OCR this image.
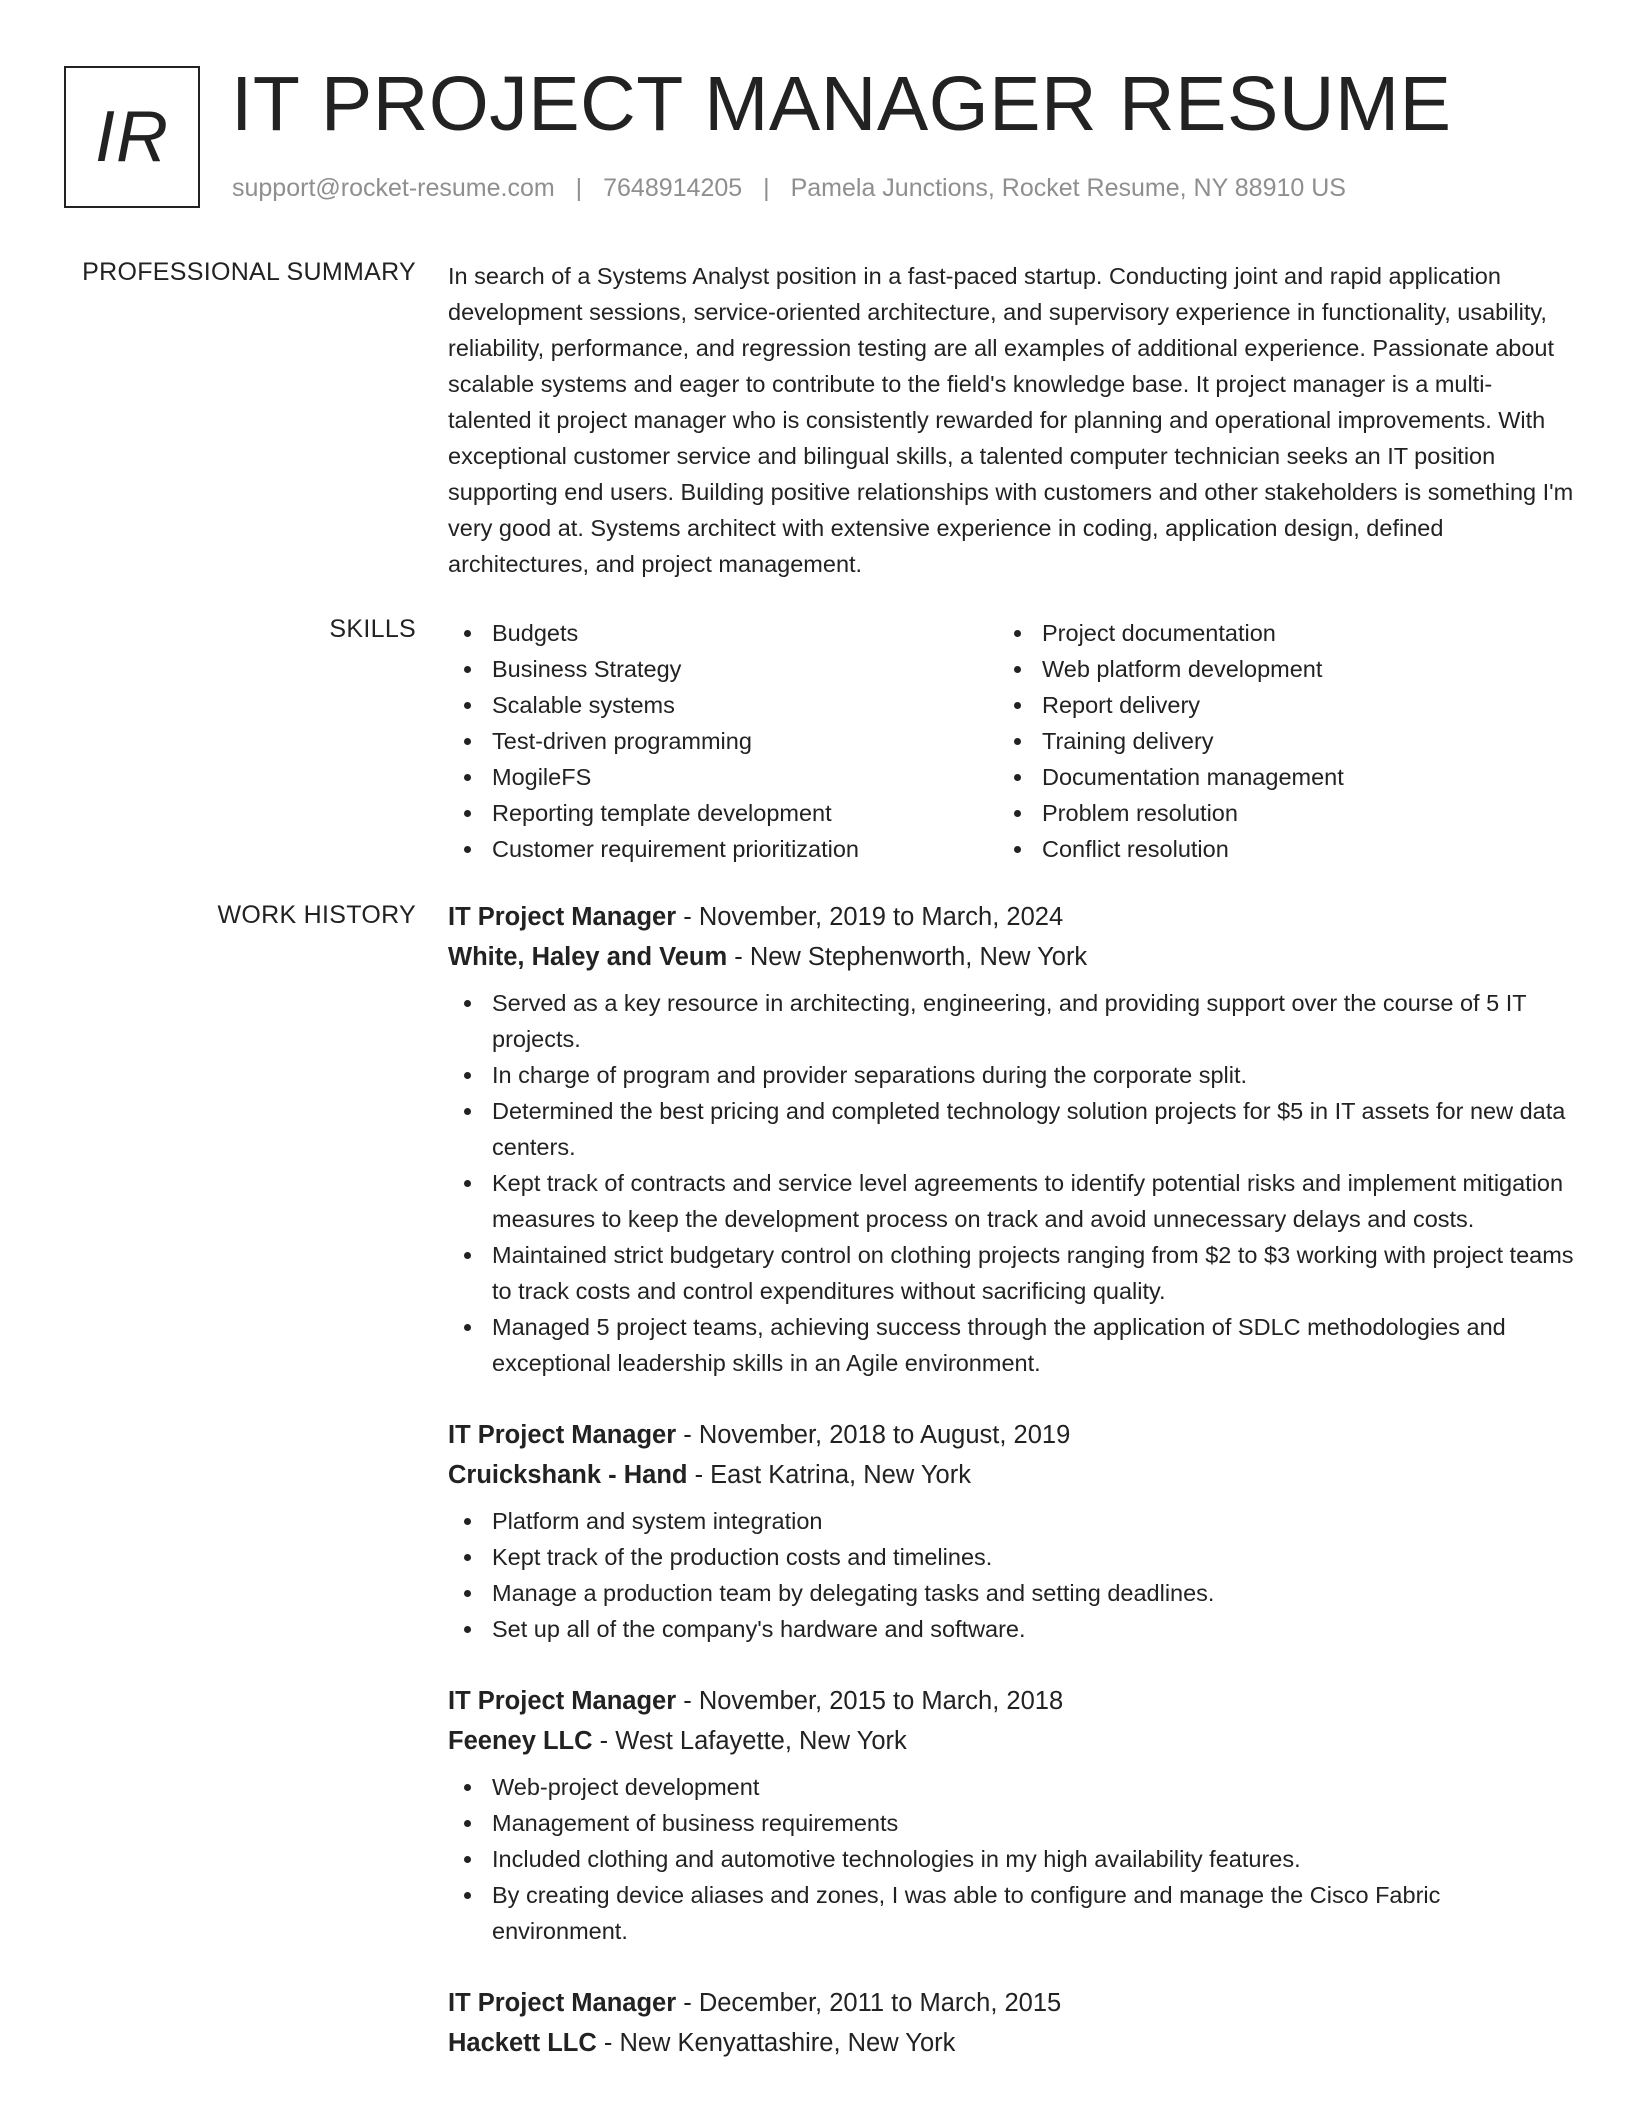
IR IT PROJECT MANAGER RESUME
support@rocket-resume.com | 7648914205 | Pamela Junctions, Rocket Resume, NY 88910 US
PROFESSIONAL SUMMARY In search of a Systems Analyst position in a fast-paced startup. Conducting joint and rapid application development sessions, service-oriented architecture, and supervisory experience in functionality, usability, reliability, performance, and regression testing are all examples of additional experience. Passionate about scalable systems and eager to contribute to the field's knowledge base. It project manager is a multi-talented it project manager who is consistently rewarded for planning and operational improvements. With exceptional customer service and bilingual skills, a talented computer technician seeks an IT position supporting end users. Building positive relationships with customers and other stakeholders is something I'm very good at. Systems architect with extensive experience in coding, application design, defined architectures, and project management.

SKILLS	Budgets
Business Strategy
Scalable systems
Test-driven programming
MogileFS
Reporting template development
Customer requirement prioritization
Project documentation
Web platform development
Report delivery
Training delivery
Documentation management
Problem resolution
Conflict resolution
WORK HISTORY IT Project Manager - November, 2019 to March, 2024
White, Haley and Veum - New Stephenworth, New York
Served as a key resource in architecting, engineering, and providing support over the course of 5 IT projects.
In charge of program and provider separations during the corporate split.
Determined the best pricing and completed technology solution projects for $5 in IT assets for new data centers.
Kept track of contracts and service level agreements to identify potential risks and implement mitigation measures to keep the development process on track and avoid unnecessary delays and costs.
Maintained strict budgetary control on clothing projects ranging from $2 to $3 working with project teams to track costs and control expenditures without sacrificing quality.
Managed 5 project teams, achieving success through the application of SDLC methodologies and exceptional leadership skills in an Agile environment.
IT Project Manager - November, 2018 to August, 2019
Cruickshank - Hand - East Katrina, New York
Platform and system integration
Kept track of the production costs and timelines.
Manage a production team by delegating tasks and setting deadlines.
Set up all of the company's hardware and software.
IT Project Manager - November, 2015 to March, 2018
Feeney LLC - West Lafayette, New York
Web-project development
Management of business requirements
Included clothing and automotive technologies in my high availability features.
By creating device aliases and zones, I was able to configure and manage the Cisco Fabric environment.
IT Project Manager - December, 2011 to March, 2015
Hackett LLC - New Kenyattashire, New York
